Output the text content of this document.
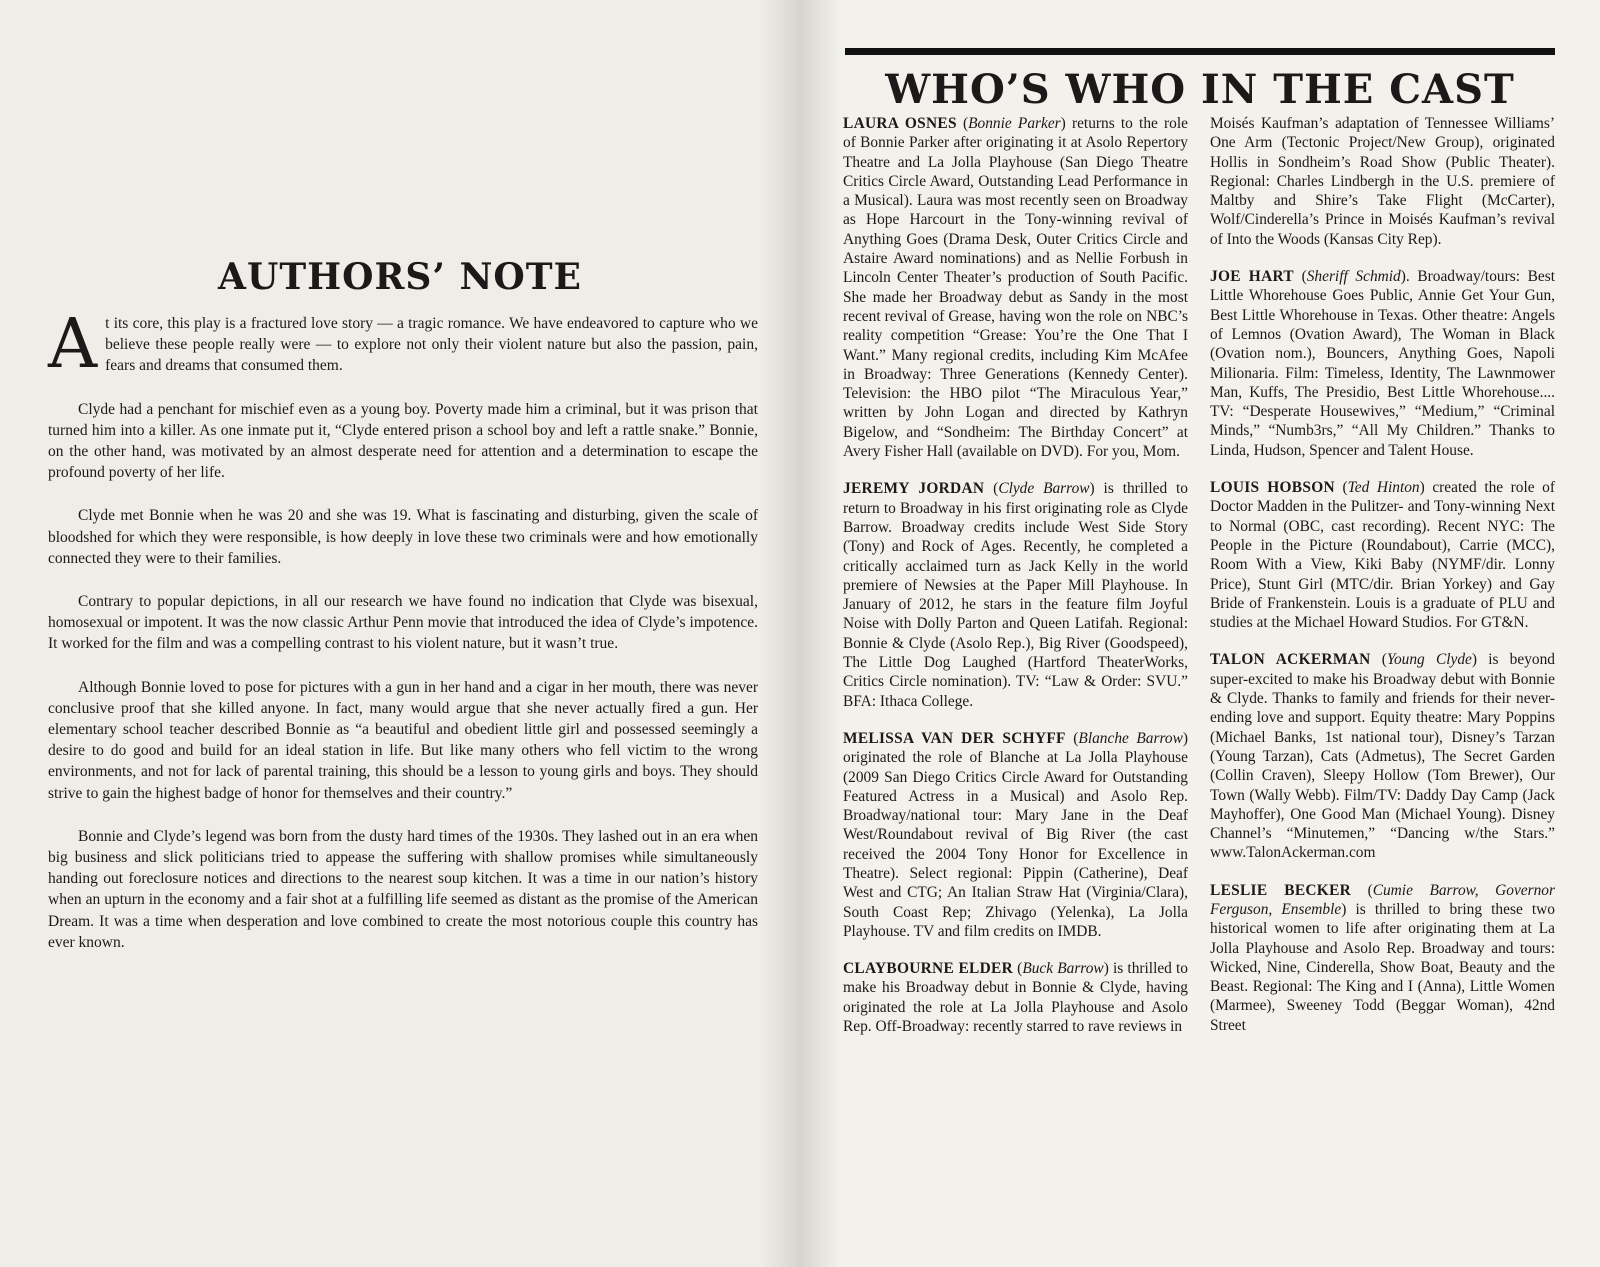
AUTHORS’ NOTE

At its core, this play is a fractured love story — a tragic romance. We have endeavored to capture who we believe these people really were — to explore not only their violent nature but also the passion, pain, fears and dreams that consumed them.

Clyde had a penchant for mischief even as a young boy. Poverty made him a criminal, but it was prison that turned him into a killer. As one inmate put it, “Clyde entered prison a school boy and left a rattle snake.” Bonnie, on the other hand, was motivated by an almost desperate need for attention and a determination to escape the profound poverty of her life.

Clyde met Bonnie when he was 20 and she was 19. What is fascinating and disturbing, given the scale of bloodshed for which they were responsible, is how deeply in love these two criminals were and how emotionally connected they were to their families.

Contrary to popular depictions, in all our research we have found no indication that Clyde was bisexual, homosexual or impotent. It was the now classic Arthur Penn movie that introduced the idea of Clyde’s impotence. It worked for the film and was a compelling contrast to his violent nature, but it wasn’t true.

Although Bonnie loved to pose for pictures with a gun in her hand and a cigar in her mouth, there was never conclusive proof that she killed anyone. In fact, many would argue that she never actually fired a gun. Her elementary school teacher described Bonnie as “a beautiful and obedient little girl and possessed seemingly a desire to do good and build for an ideal station in life. But like many others who fell victim to the wrong environments, and not for lack of parental training, this should be a lesson to young girls and boys. They should strive to gain the highest badge of honor for themselves and their country.”

Bonnie and Clyde’s legend was born from the dusty hard times of the 1930s. They lashed out in an era when big business and slick politicians tried to appease the suffering with shallow promises while simultaneously handing out foreclosure notices and directions to the nearest soup kitchen. It was a time in our nation’s history when an upturn in the economy and a fair shot at a fulfilling life seemed as distant as the promise of the American Dream. It was a time when desperation and love combined to create the most notorious couple this country has ever known.

WHO’S WHO IN THE CAST

LAURA OSNES (Bonnie Parker) returns to the role of Bonnie Parker after originating it at Asolo Repertory Theatre and La Jolla Playhouse (San Diego Theatre Critics Circle Award, Outstanding Lead Performance in a Musical). Laura was most recently seen on Broadway as Hope Harcourt in the Tony-winning revival of Anything Goes (Drama Desk, Outer Critics Circle and Astaire Award nominations) and as Nellie Forbush in Lincoln Center Theater’s production of South Pacific. She made her Broadway debut as Sandy in the most recent revival of Grease, having won the role on NBC’s reality competition “Grease: You’re the One That I Want.” Many regional credits, including Kim McAfee in Broadway: Three Generations (Kennedy Center). Television: the HBO pilot “The Miraculous Year,” written by John Logan and directed by Kathryn Bigelow, and “Sondheim: The Birthday Concert” at Avery Fisher Hall (available on DVD). For you, Mom.

JEREMY JORDAN (Clyde Barrow) is thrilled to return to Broadway in his first originating role as Clyde Barrow. Broadway credits include West Side Story (Tony) and Rock of Ages. Recently, he completed a critically acclaimed turn as Jack Kelly in the world premiere of Newsies at the Paper Mill Playhouse. In January of 2012, he stars in the feature film Joyful Noise with Dolly Parton and Queen Latifah. Regional: Bonnie & Clyde (Asolo Rep.), Big River (Goodspeed), The Little Dog Laughed (Hartford TheaterWorks, Critics Circle nomination). TV: “Law & Order: SVU.” BFA: Ithaca College.

MELISSA VAN DER SCHYFF (Blanche Barrow) originated the role of Blanche at La Jolla Playhouse (2009 San Diego Critics Circle Award for Outstanding Featured Actress in a Musical) and Asolo Rep. Broadway/national tour: Mary Jane in the Deaf West/Roundabout revival of Big River (the cast received the 2004 Tony Honor for Excellence in Theatre). Select regional: Pippin (Catherine), Deaf West and CTG; An Italian Straw Hat (Virginia/Clara), South Coast Rep; Zhivago (Yelenka), La Jolla Playhouse. TV and film credits on IMDB.

CLAYBOURNE ELDER (Buck Barrow) is thrilled to make his Broadway debut in Bonnie & Clyde, having originated the role at La Jolla Playhouse and Asolo Rep. Off-Broadway: recently starred to rave reviews in

Moisés Kaufman’s adaptation of Tennessee Williams’ One Arm (Tectonic Project/New Group), originated Hollis in Sondheim’s Road Show (Public Theater). Regional: Charles Lindbergh in the U.S. premiere of Maltby and Shire’s Take Flight (McCarter), Wolf/Cinderella’s Prince in Moisés Kaufman’s revival of Into the Woods (Kansas City Rep).

JOE HART (Sheriff Schmid). Broadway/tours: Best Little Whorehouse Goes Public, Annie Get Your Gun, Best Little Whorehouse in Texas. Other theatre: Angels of Lemnos (Ovation Award), The Woman in Black (Ovation nom.), Bouncers, Anything Goes, Napoli Milionaria. Film: Timeless, Identity, The Lawnmower Man, Kuffs, The Presidio, Best Little Whorehouse.... TV: “Desperate Housewives,” “Medium,” “Criminal Minds,” “Numb3rs,” “All My Children.” Thanks to Linda, Hudson, Spencer and Talent House.

LOUIS HOBSON (Ted Hinton) created the role of Doctor Madden in the Pulitzer- and Tony-winning Next to Normal (OBC, cast recording). Recent NYC: The People in the Picture (Roundabout), Carrie (MCC), Room With a View, Kiki Baby (NYMF/dir. Lonny Price), Stunt Girl (MTC/dir. Brian Yorkey) and Gay Bride of Frankenstein. Louis is a graduate of PLU and studies at the Michael Howard Studios. For GT&N.

TALON ACKERMAN (Young Clyde) is beyond super-excited to make his Broadway debut with Bonnie & Clyde. Thanks to family and friends for their never-ending love and support. Equity theatre: Mary Poppins (Michael Banks, 1st national tour), Disney’s Tarzan (Young Tarzan), Cats (Admetus), The Secret Garden (Collin Craven), Sleepy Hollow (Tom Brewer), Our Town (Wally Webb). Film/TV: Daddy Day Camp (Jack Mayhoffer), One Good Man (Michael Young). Disney Channel’s “Minutemen,” “Dancing w/the Stars.” www.TalonAckerman.com

LESLIE BECKER (Cumie Barrow, Governor Ferguson, Ensemble) is thrilled to bring these two historical women to life after originating them at La Jolla Playhouse and Asolo Rep. Broadway and tours: Wicked, Nine, Cinderella, Show Boat, Beauty and the Beast. Regional: The King and I (Anna), Little Women (Marmee), Sweeney Todd (Beggar Woman), 42nd Street
